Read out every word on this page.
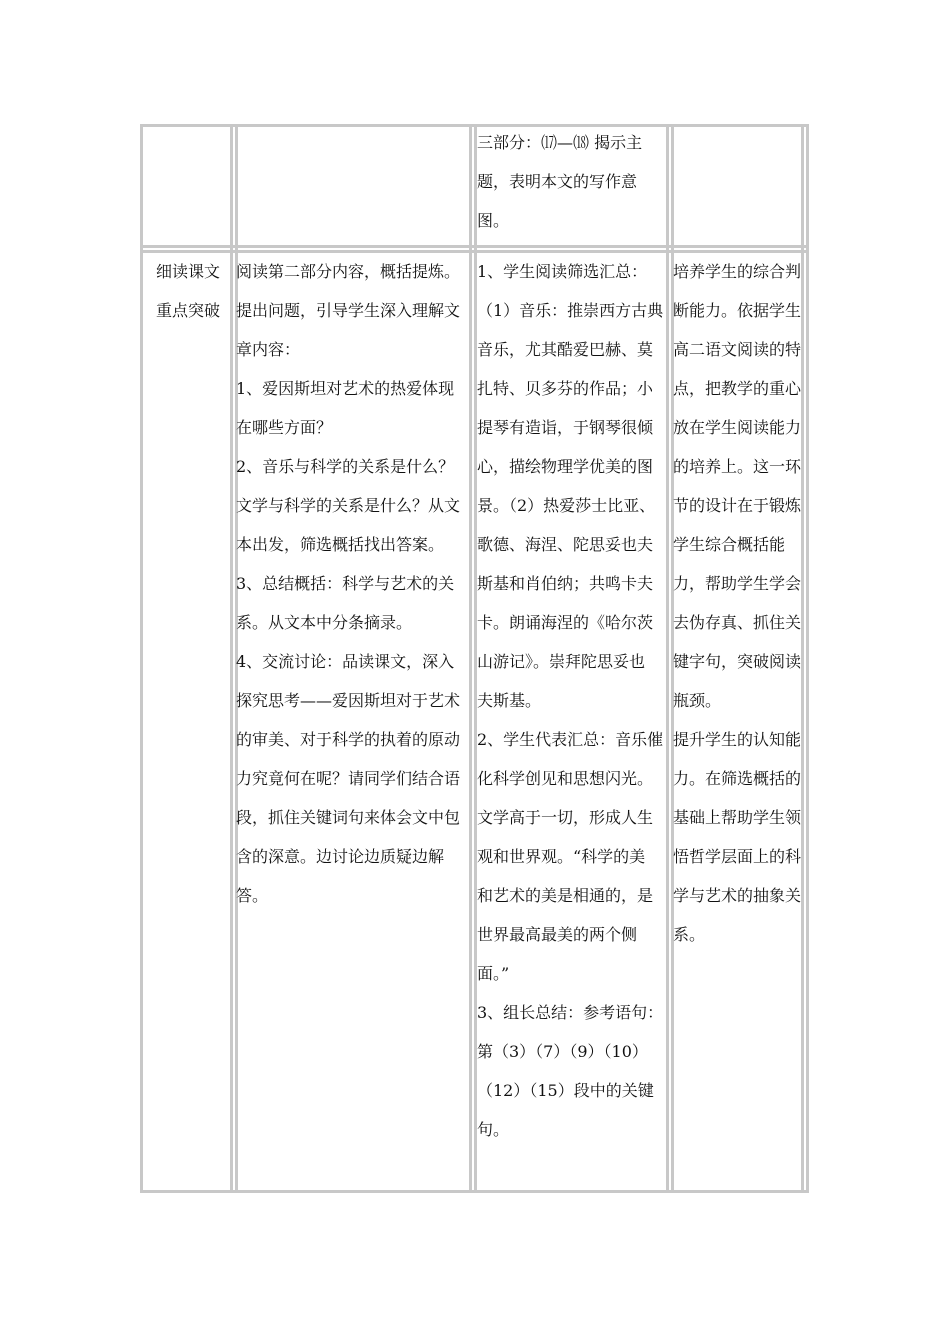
三部分：⒄—⒅ 揭示主
题，表明本文的写作意
图。
细读课文
重点突破
阅读第二部分内容，概括提炼。
提出问题，引导学生深入理解文
章内容：
1、爱因斯坦对艺术的热爱体现
在哪些方面？
2、音乐与科学的关系是什么？
文学与科学的关系是什么？从文
本出发，筛选概括找出答案。
3、总结概括：科学与艺术的关
系。从文本中分条摘录。
4、交流讨论：品读课文，深入
探究思考——爱因斯坦对于艺术
的审美、对于科学的执着的原动
力究竟何在呢？请同学们结合语
段，抓住关键词句来体会文中包
含的深意。边讨论边质疑边解
答。
1、学生阅读筛选汇总：
（1）音乐：推崇西方古典
音乐，尤其酷爱巴赫、莫
扎特、贝多芬的作品；小
提琴有造诣，于钢琴很倾
心，描绘物理学优美的图
景。（2）热爱莎士比亚、
歌德、海涅、陀思妥也夫
斯基和肖伯纳；共鸣卡夫
卡。朗诵海涅的《哈尔茨
山游记》。崇拜陀思妥也
夫斯基。
2、学生代表汇总：音乐催
化科学创见和思想闪光。
文学高于一切，形成人生
观和世界观。“科学的美
和艺术的美是相通的，是
世界最高最美的两个侧
面。”
3、组长总结：参考语句：
第（3）（7）（9）（10）
（12）（15）段中的关键
句。
培养学生的综合判
断能力。依据学生
高二语文阅读的特
点，把教学的重心
放在学生阅读能力
的培养上。这一环
节的设计在于锻炼
学生综合概括能
力，帮助学生学会
去伪存真、抓住关
键字句，突破阅读
瓶颈。
提升学生的认知能
力。在筛选概括的
基础上帮助学生领
悟哲学层面上的科
学与艺术的抽象关
系。
